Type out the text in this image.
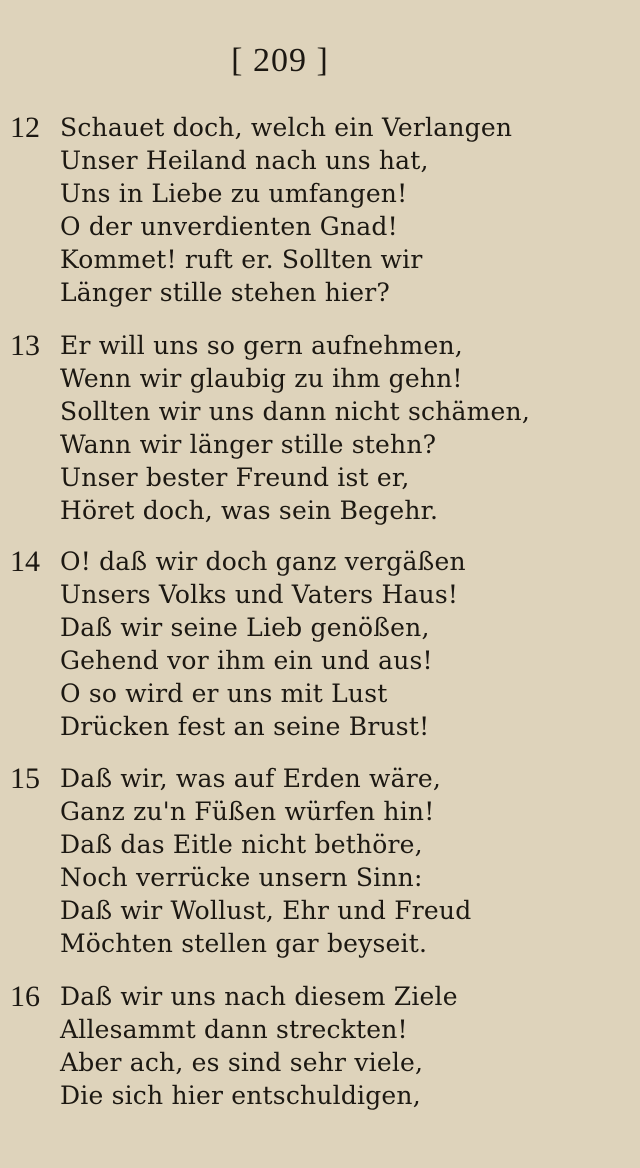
[ 209 ]
12 Schauet doch, welch ein Verlangen
Unser Heiland nach uns hat,
Uns in Liebe zu umfangen!
O der unverdienten Gnad!
Kommet! ruft er. Sollten wir
Länger stille stehen hier?
13 Er will uns so gern aufnehmen,
Wenn wir glaubig zu ihm gehn!
Sollten wir uns dann nicht schämen,
Wann wir länger stille stehn?
Unser bester Freund ist er,
Höret doch, was sein Begehr.
14 O! daß wir doch ganz vergäßen
Unsers Volks und Vaters Haus!
Daß wir seine Lieb genößen,
Gehend vor ihm ein und aus!
O so wird er uns mit Lust
Drücken fest an seine Brust!
15 Daß wir, was auf Erden wäre,
Ganz zu'n Füßen würfen hin!
Daß das Eitle nicht bethöre,
Noch verrücke unsern Sinn:
Daß wir Wollust, Ehr und Freud
Möchten stellen gar beyseit.
16 Daß wir uns nach diesem Ziele
Allesammt dann streckten!
Aber ach, es sind sehr viele,
Die sich hier entschuldigen,
